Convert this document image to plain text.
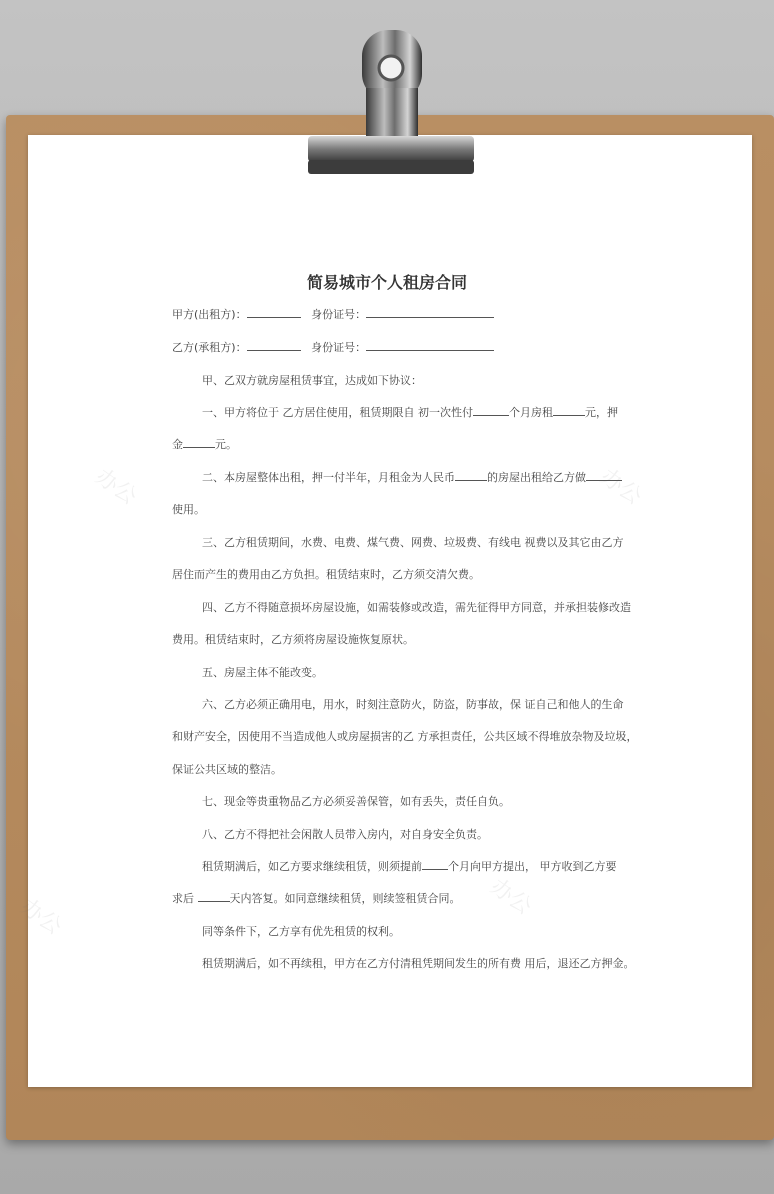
简易城市个人租房合同
甲方(出租方)：	身份证号：
乙方(承租方)：	身份证号：
甲、乙双方就房屋租赁事宜，达成如下协议：
一、甲方将位于 乙方居住使用，租赁期限自 初一次性付	个月房租	元，押
金	元。
二、本房屋整体出租，押一付半年，月租金为人民币	的房屋出租给乙方做
使用。
三、乙方租赁期间，水费、电费、煤气费、网费、垃圾费、有线电 视费以及其它由乙方
居住而产生的费用由乙方负担。租赁结束时，乙方须交清欠费。
四、乙方不得随意损坏房屋设施，如需装修或改造，需先征得甲方同意，并承担装修改造
费用。租赁结束时，乙方须将房屋设施恢复原状。
五、房屋主体不能改变。
六、乙方必须正确用电，用水，时刻注意防火，防盗，防事故，保 证自己和他人的生命
和财产安全，因使用不当造成他人或房屋损害的乙 方承担责任，公共区域不得堆放杂物及垃圾，
保证公共区域的整洁。
七、现金等贵重物品乙方必须妥善保管，如有丢失，责任自负。
八、乙方不得把社会闲散人员带入房内，对自身安全负责。
租赁期满后，如乙方要求继续租赁，则须提前 个月向甲方提出， 甲方收到乙方要
求后	天内答复。如同意继续租赁，则续签租赁合同。
同等条件下，乙方享有优先租赁的权利。
租赁期满后，如不再续租，甲方在乙方付清租凭期间发生的所有费 用后，退还乙方押金。
